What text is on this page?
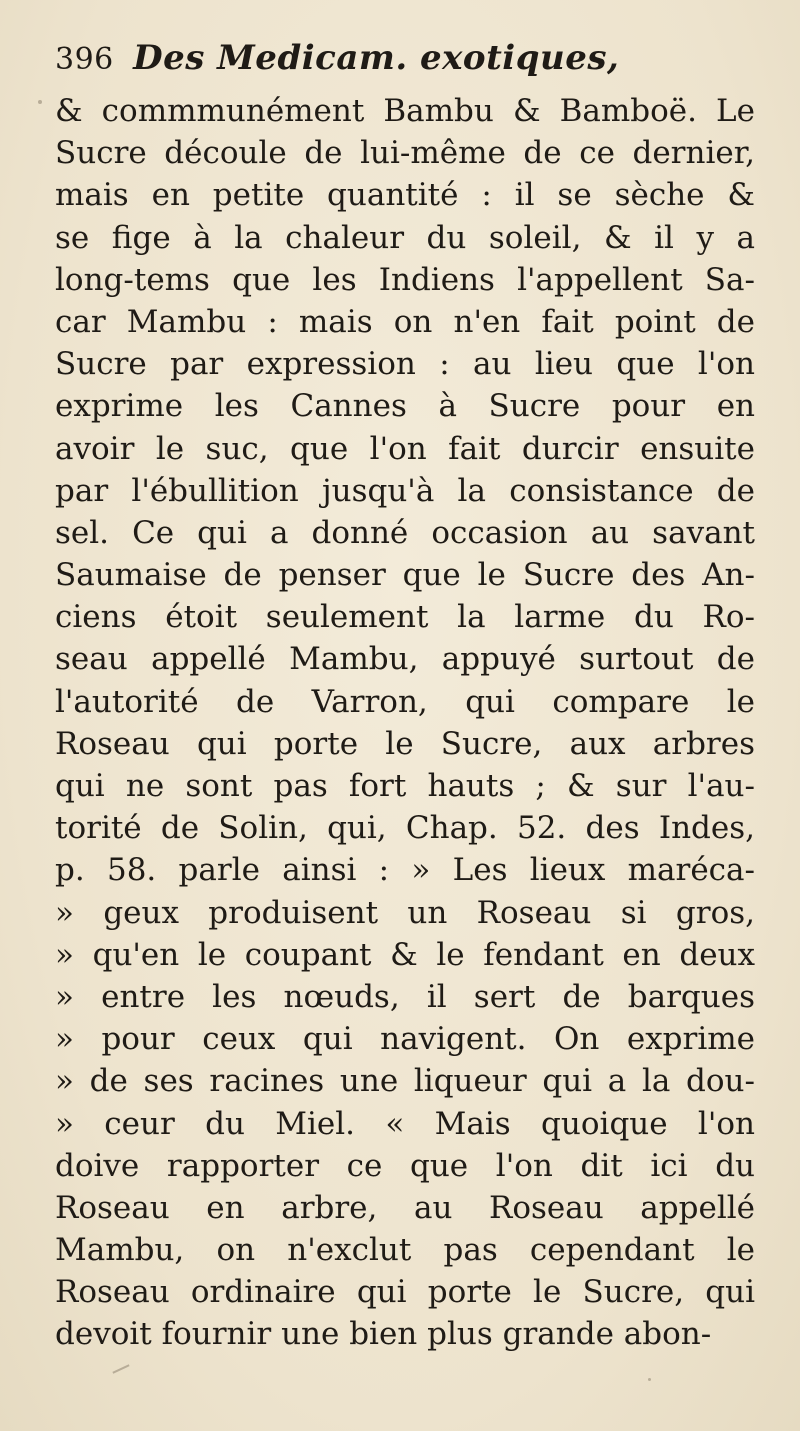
396 Des Medicam. exotiques,
& commmunément Bambu & Bamboë. Le
Sucre découle de lui-même de ce dernier,
mais en petite quantité : il se sèche &
se fige à la chaleur du soleil, & il y a
long-tems que les Indiens l'appellent Sa-
car Mambu : mais on n'en fait point de
Sucre par expression : au lieu que l'on
exprime les Cannes à Sucre pour en
avoir le suc, que l'on fait durcir ensuite
par l'ébullition jusqu'à la consistance de
sel. Ce qui a donné occasion au savant
Saumaise de penser que le Sucre des An-
ciens étoit seulement la larme du Ro-
seau appellé Mambu, appuyé surtout de
l'autorité de Varron, qui compare le
Roseau qui porte le Sucre, aux arbres
qui ne sont pas fort hauts ; & sur l'au-
torité de Solin, qui, Chap. 52. des Indes,
p. 58. parle ainsi : » Les lieux maréca-
» geux produisent un Roseau si gros,
» qu'en le coupant & le fendant en deux
» entre les nœuds, il sert de barques
» pour ceux qui navigent. On exprime
» de ses racines une liqueur qui a la dou-
» ceur du Miel. « Mais quoique l'on
doive rapporter ce que l'on dit ici du
Roseau en arbre, au Roseau appellé
Mambu, on n'exclut pas cependant le
Roseau ordinaire qui porte le Sucre, qui
devoit fournir une bien plus grande abon-
